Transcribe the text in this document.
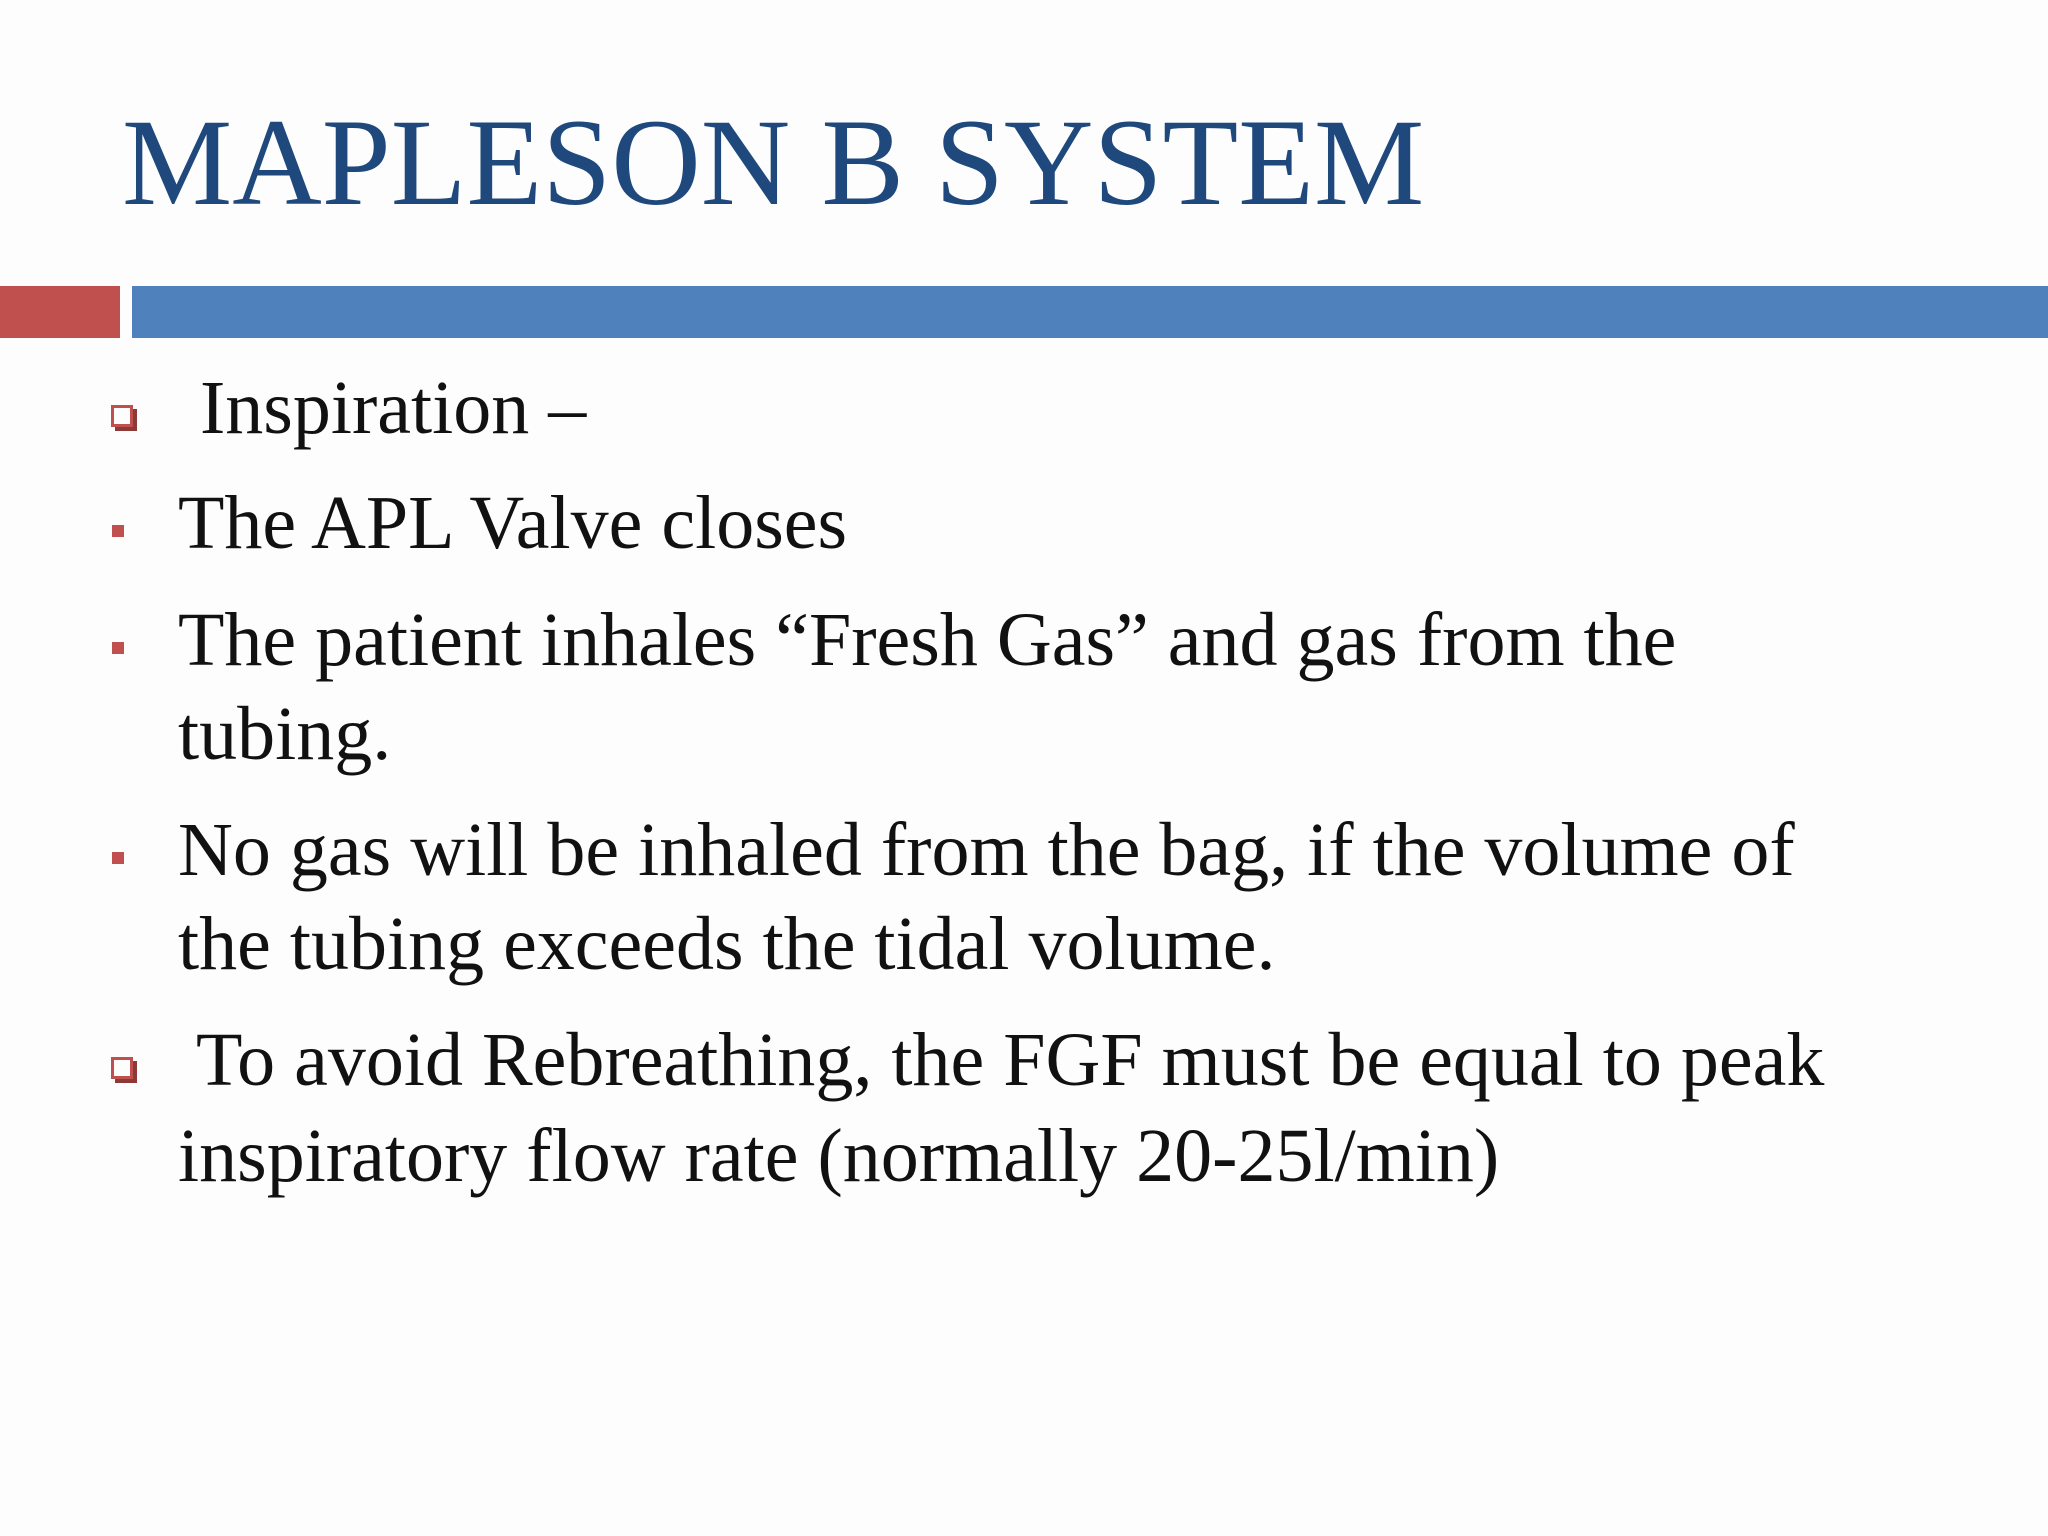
MAPLESON B SYSTEM
Inspiration –
The APL Valve closes
The patient inhales “Fresh Gas” and gas from the
tubing.
No gas will be inhaled from the bag, if the volume of
the tubing exceeds the tidal volume.
To avoid Rebreathing, the FGF must be equal to peak
inspiratory flow rate (normally 20-25l/min)
